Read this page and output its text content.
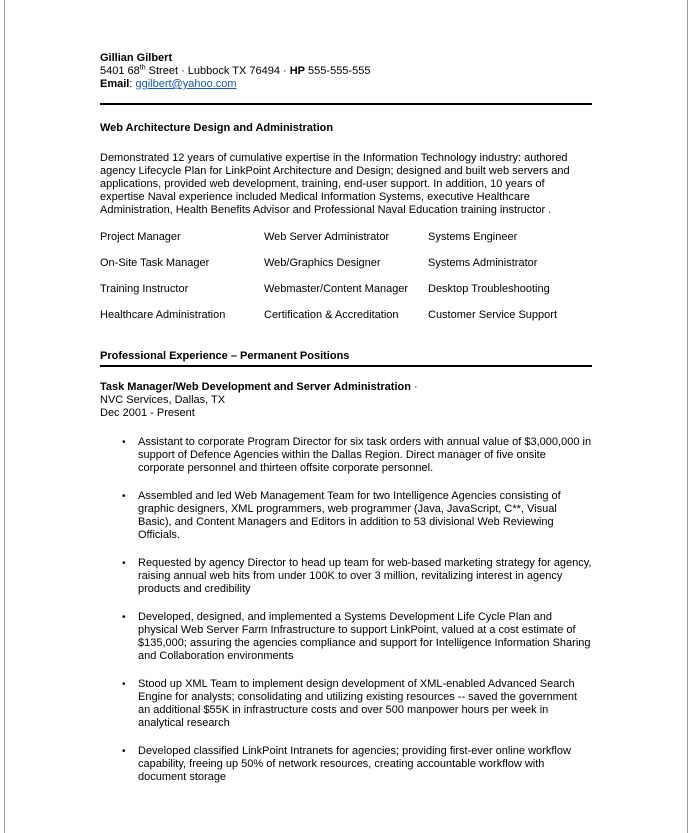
Gillian Gilbert
5401 68th Street · Lubbock TX 76494 · HP 555-555-555
Email: ggilbert@yahoo.com
Web Architecture Design and Administration
Demonstrated 12 years of cumulative expertise in the Information Technology industry: authored agency Lifecycle Plan for LinkPoint Architecture and Design; designed and built web servers and applications, provided web development, training, end-user support. In addition, 10 years of expertise Naval experience included Medical Information Systems, executive Healthcare Administration, Health Benefits Advisor and Professional Naval Education training instructor .
Project Manager	Web Server Administrator	Systems Engineer
On-Site Task Manager	Web/Graphics Designer	Systems Administrator
Training Instructor	Webmaster/Content Manager	Desktop Troubleshooting
Healthcare Administration	Certification & Accreditation	Customer Service Support
Professional Experience – Permanent Positions
Task Manager/Web Development and Server Administration ·
NVC Services, Dallas, TX
Dec 2001 - Present
•	Assistant to corporate Program Director for six task orders with annual value of $3,000,000 in support of Defence Agencies within the Dallas Region. Direct manager of five onsite corporate personnel and thirteen offsite corporate personnel.
•	Assembled and led Web Management Team for two Intelligence Agencies consisting of graphic designers, XML programmers, web programmer (Java, JavaScript, C**, Visual Basic), and Content Managers and Editors in addition to 53 divisional Web Reviewing Officials.
•	Requested by agency Director to head up team for web-based marketing strategy for agency, raising annual web hits from under 100K to over 3 million, revitalizing interest in agency products and credibility
•	Developed, designed, and implemented a Systems Development Life Cycle Plan and physical Web Server Farm Infrastructure to support LinkPoint, valued at a cost estimate of $135,000; assuring the agencies compliance and support for Intelligence Information Sharing and Collaboration environments
•	Stood up XML Team to implement design development of XML-enabled Advanced Search Engine for analysts; consolidating and utilizing existing resources -- saved the government an additional $55K in infrastructure costs and over 500 manpower hours per week in analytical research
•	Developed classified LinkPoint Intranets for agencies; providing first-ever online workflow capability, freeing up 50% of network resources, creating accountable workflow with document storage
